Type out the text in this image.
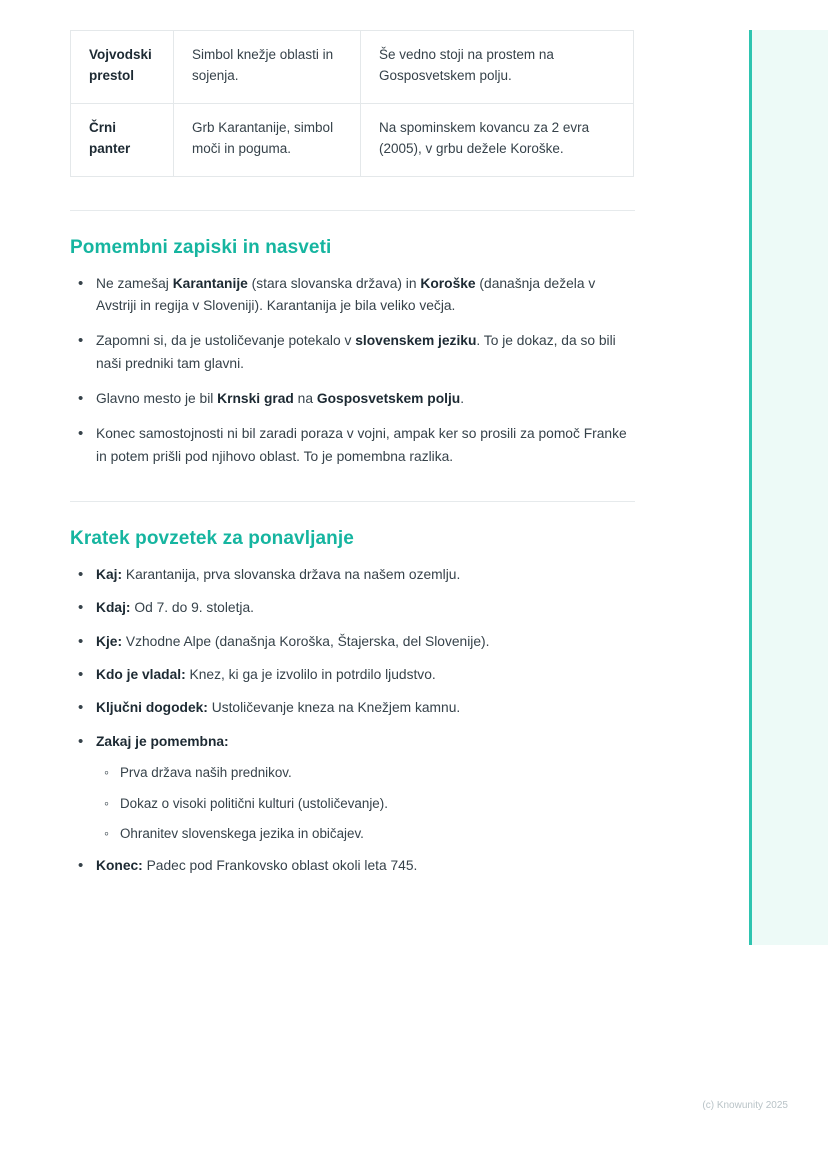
Vojvodski prestol	Simbol knežje oblasti in sojenja.	Še vedno stoji na prostem na Gosposvetskem polju.
Črni panter	Grb Karantanije, simbol moči in poguma.	Na spominskem kovancu za 2 evra (2005), v grbu dežele Koroške.
Pomembni zapiski in nasveti
• Ne zamešaj Karantanije (stara slovanska država) in Koroške (današnja dežela v Avstriji in regija v Sloveniji). Karantanija je bila veliko večja.
• Zapomni si, da je ustoličevanje potekalo v slovenskem jeziku. To je dokaz, da so bili naši predniki tam glavni.
• Glavno mesto je bil Krnski grad na Gosposvetskem polju.
• Konec samostojnosti ni bil zaradi poraza v vojni, ampak ker so prosili za pomoč Franke in potem prišli pod njihovo oblast. To je pomembna razlika.
Kratek povzetek za ponavljanje
• Kaj: Karantanija, prva slovanska država na našem ozemlju.
• Kdaj: Od 7. do 9. stoletja.
• Kje: Vzhodne Alpe (današnja Koroška, Štajerska, del Slovenije).
• Kdo je vladal: Knez, ki ga je izvolilo in potrdilo ljudstvo.
• Ključni dogodek: Ustoličevanje kneza na Knežjem kamnu.
• Zakaj je pomembna:
◦ Prva država naših prednikov.
◦ Dokaz o visoki politični kulturi (ustoličevanje).
◦ Ohranitev slovenskega jezika in običajev.
• Konec: Padec pod Frankovsko oblast okoli leta 745.
(c) Knowunity 2025
